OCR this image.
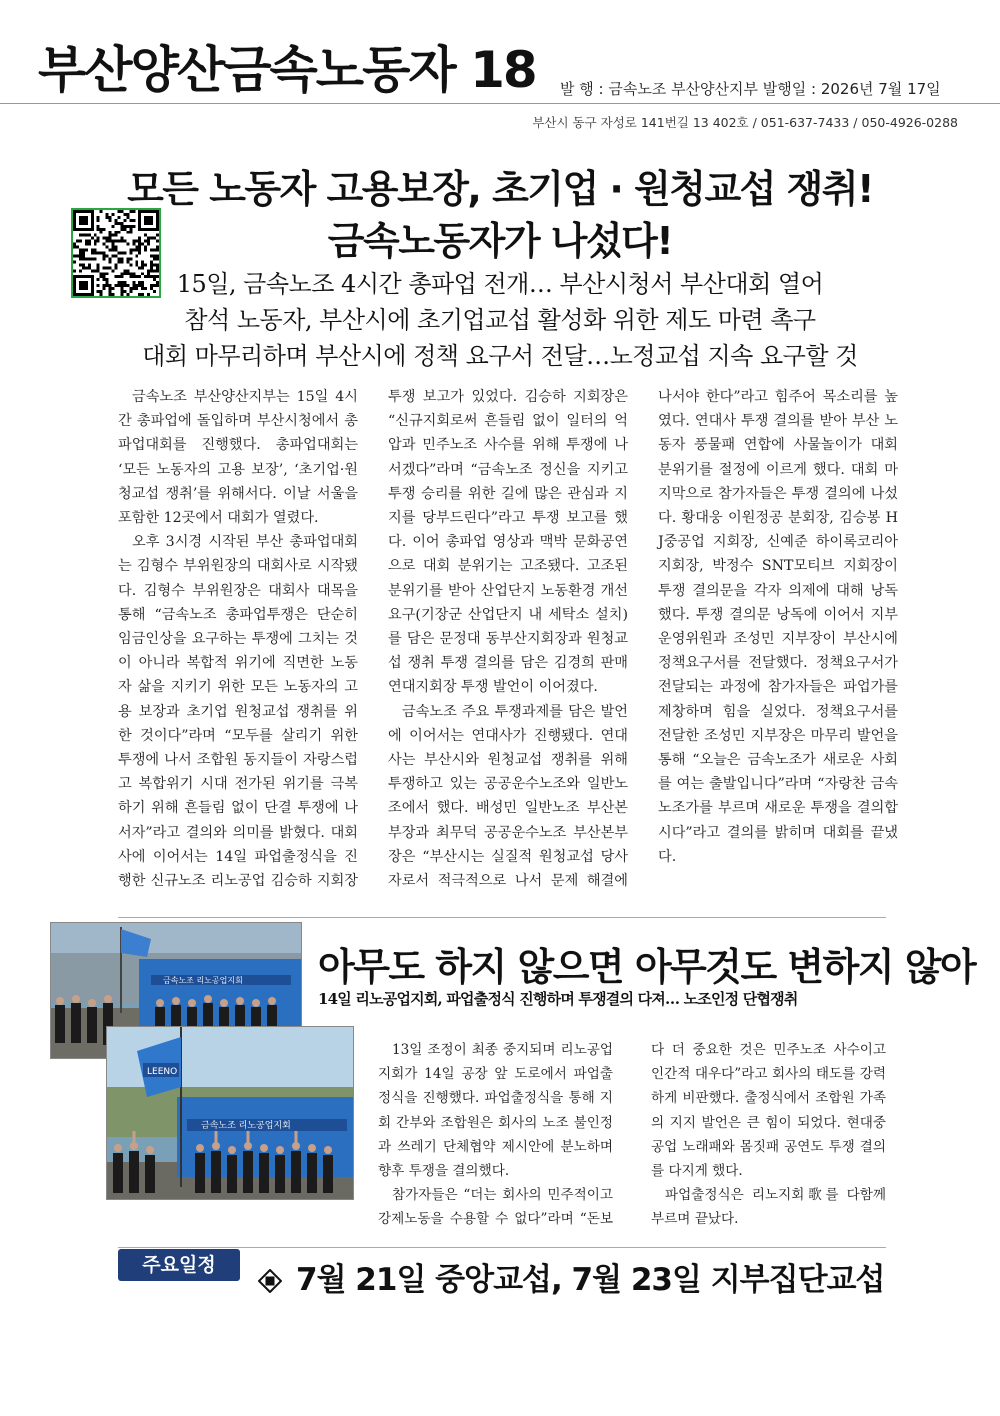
부산양산금속노동자 18 발 행 : 금속노조 부산양산지부 발행일 : 2026년 7월 17일
부산시 동구 자성로 141번길 13 402호 / 051-637-7433 / 050-4926-0288
모든 노동자 고용보장, 초기업 · 원청교섭 쟁취!
금속노동자가 나섰다!
15일, 금속노조 4시간 총파업 전개… 부산시청서 부산대회 열어
참석 노동자, 부산시에 초기업교섭 활성화 위한 제도 마련 촉구
대회 마무리하며 부산시에 정책 요구서 전달…노정교섭 지속 요구할 것

금속노조 부산양산지부는 15일 4시간 총파업에 돌입하며 부산시청에서 총파업대회를 진행했다. 총파업대회는 ‘모든 노동자의 고용 보장’, ‘초기업·원청교섭 쟁취’를 위해서다. 이날 서울을 포함한 12곳에서 대회가 열렸다.

오후 3시경 시작된 부산 총파업대회는 김형수 부위원장의 대회사로 시작됐다. 김형수 부위원장은 대회사 대목을 통해 “금속노조 총파업투쟁은 단순히 임금인상을 요구하는 투쟁에 그치는 것이 아니라 복합적 위기에 직면한 노동자 삶을 지키기 위한 모든 노동자의 고용 보장과 초기업 원청교섭 쟁취를 위한 것이다”라며 “모두를 살리기 위한 투쟁에 나서 조합원 동지들이 자랑스럽고 복합위기 시대 전가된 위기를 극복하기 위해 흔들림 없이 단결 투쟁에 나서자”라고 결의와 의미를 밝혔다. 대회사에 이어서는 14일 파업출정식을 진행한 신규노조 리노공업 김승하 지회장 투쟁 보고가 있었다. 김승하 지회장은 “신규지회로써 흔들림 없이 일터의 억압과 민주노조 사수를 위해 투쟁에 나서겠다”라며 “금속노조 정신을 지키고 투쟁 승리를 위한 길에 많은 관심과 지지를 당부드린다”라고 투쟁 보고를 했다. 이어 총파업 영상과 맥박 문화공연으로 대회 분위기는 고조됐다. 고조된 분위기를 받아 산업단지 노동환경 개선 요구(기장군 산업단지 내 세탁소 설치)를 담은 문정대 동부산지회장과 원청교섭 쟁취 투쟁 결의를 담은 김경희 판매연대지회장 투쟁 발언이 이어졌다.

금속노조 주요 투쟁과제를 담은 발언에 이어서는 연대사가 진행됐다. 연대사는 부산시와 원청교섭 쟁취를 위해 투쟁하고 있는 공공운수노조와 일반노조에서 했다. 배성민 일반노조 부산본부장과 최무덕 공공운수노조 부산본부장은 “부산시는 실질적 원청교섭 당사자로서 적극적으로 나서 문제 해결에 나서야 한다”라고 힘주어 목소리를 높였다. 연대사 투쟁 결의를 받아 부산 노동자 풍물패 연합에 사물놀이가 대회 분위기를 절정에 이르게 했다. 대회 마지막으로 참가자들은 투쟁 결의에 나섰다. 황대웅 이원정공 분회장, 김승봉 HJ중공업 지회장, 신예준 하이록코리아 지회장, 박정수 SNT모티브 지회장이 투쟁 결의문을 각자 의제에 대해 낭독했다. 투쟁 결의문 낭독에 이어서 지부 운영위원과 조성민 지부장이 부산시에 정책요구서를 전달했다. 정책요구서가 전달되는 과정에 참가자들은 파업가를 제창하며 힘을 실었다. 정책요구서를 전달한 조성민 지부장은 마무리 발언을 통해 “오늘은 금속노조가 새로운 사회를 여는 출발입니다”라며 “자랑찬 금속노조가를 부르며 새로운 투쟁을 결의합시다”라고 결의를 밝히며 대회를 끝냈다.

금속노조 리노공업지회 아무도 하지 않으면 아무것도 변하지 않아
14일 리노공업지회, 파업출정식 진행하며 투쟁결의 다져… 노조인정 단협쟁취
금속노조 리노공업지회
LEENO

13일 조정이 최종 중지되며 리노공업지회가 14일 공장 앞 도로에서 파업출정식을 진행했다. 파업출정식을 통해 지회 간부와 조합원은 회사의 노조 불인정과 쓰레기 단체협약 제시안에 분노하며 향후 투쟁을 결의했다.

참가자들은 “더는 회사의 민주적이고 강제노동을 수용할 수 없다”라며 “돈보다 더 중요한 것은 민주노조 사수이고 인간적 대우다”라고 회사의 태도를 강력하게 비판했다. 출정식에서 조합원 가족의 지지 발언은 큰 힘이 되었다. 현대중공업 노래패와 몸짓패 공연도 투쟁 결의를 다지게 했다.

파업출정식은 리노지회歌를 다함께 부르며 끝났다.

주요일정	7월 21일 중앙교섭, 7월 23일 지부집단교섭
